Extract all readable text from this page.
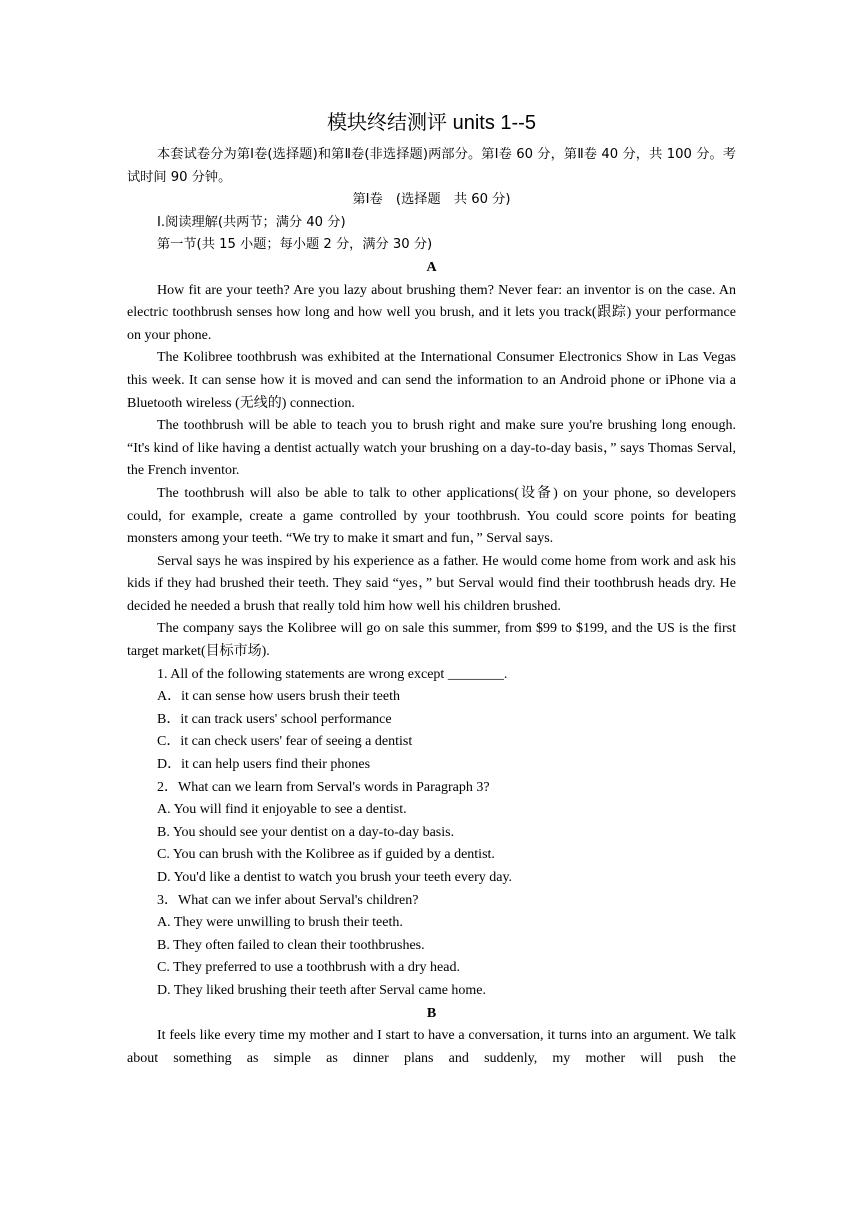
模块终结测评 units 1--5

本套试卷分为第Ⅰ卷(选择题)和第Ⅱ卷(非选择题)两部分。第Ⅰ卷 60 分，第Ⅱ卷 40 分，共 100 分。考试时间 90 分钟。

第Ⅰ卷　(选择题　共 60 分)

Ⅰ.阅读理解(共两节；满分 40 分)

第一节(共 15 小题；每小题 2 分，满分 30 分)

A

How fit are your teeth? Are you lazy about brushing them? Never fear: an inventor is on the case. An electric toothbrush senses how long and how well you brush, and it lets you track(跟踪) your performance on your phone.

The Kolibree toothbrush was exhibited at the International Consumer Electronics Show in Las Vegas this week. It can sense how it is moved and can send the information to an Android phone or iPhone via a Bluetooth wireless (无线的) connection.

The toothbrush will be able to teach you to brush right and make sure you're brushing long enough. “It's kind of like having a dentist actually watch your brushing on a day-to-day basis，” says Thomas Serval, the French inventor.

The toothbrush will also be able to talk to other applications(设备) on your phone, so developers could, for example, create a game controlled by your toothbrush. You could score points for beating monsters among your teeth. “We try to make it smart and fun，” Serval says.

Serval says he was inspired by his experience as a father. He would come home from work and ask his kids if they had brushed their teeth. They said “yes，” but Serval would find their toothbrush heads dry. He decided he needed a brush that really told him how well his children brushed.

The company says the Kolibree will go on sale this summer, from $99 to $199, and the US is the first target market(目标市场).

1. All of the following statements are wrong except ________.

A．it can sense how users brush their teeth

B．it can track users' school performance

C．it can check users' fear of seeing a dentist

D．it can help users find their phones

2．What can we learn from Serval's words in Paragraph 3?

A. You will find it enjoyable to see a dentist.

B. You should see your dentist on a day‑to‑day basis.

C. You can brush with the Kolibree as if guided by a dentist.

D. You'd like a dentist to watch you brush your teeth every day.

3．What can we infer about Serval's children?

A. They were unwilling to brush their teeth.

B. They often failed to clean their toothbrushes.

C. They preferred to use a toothbrush with a dry head.

D. They liked brushing their teeth after Serval came home.

B

It feels like every time my mother and I start to have a conversation, it turns into an argument. We talk about something as simple as dinner plans and suddenly, my mother will push the
